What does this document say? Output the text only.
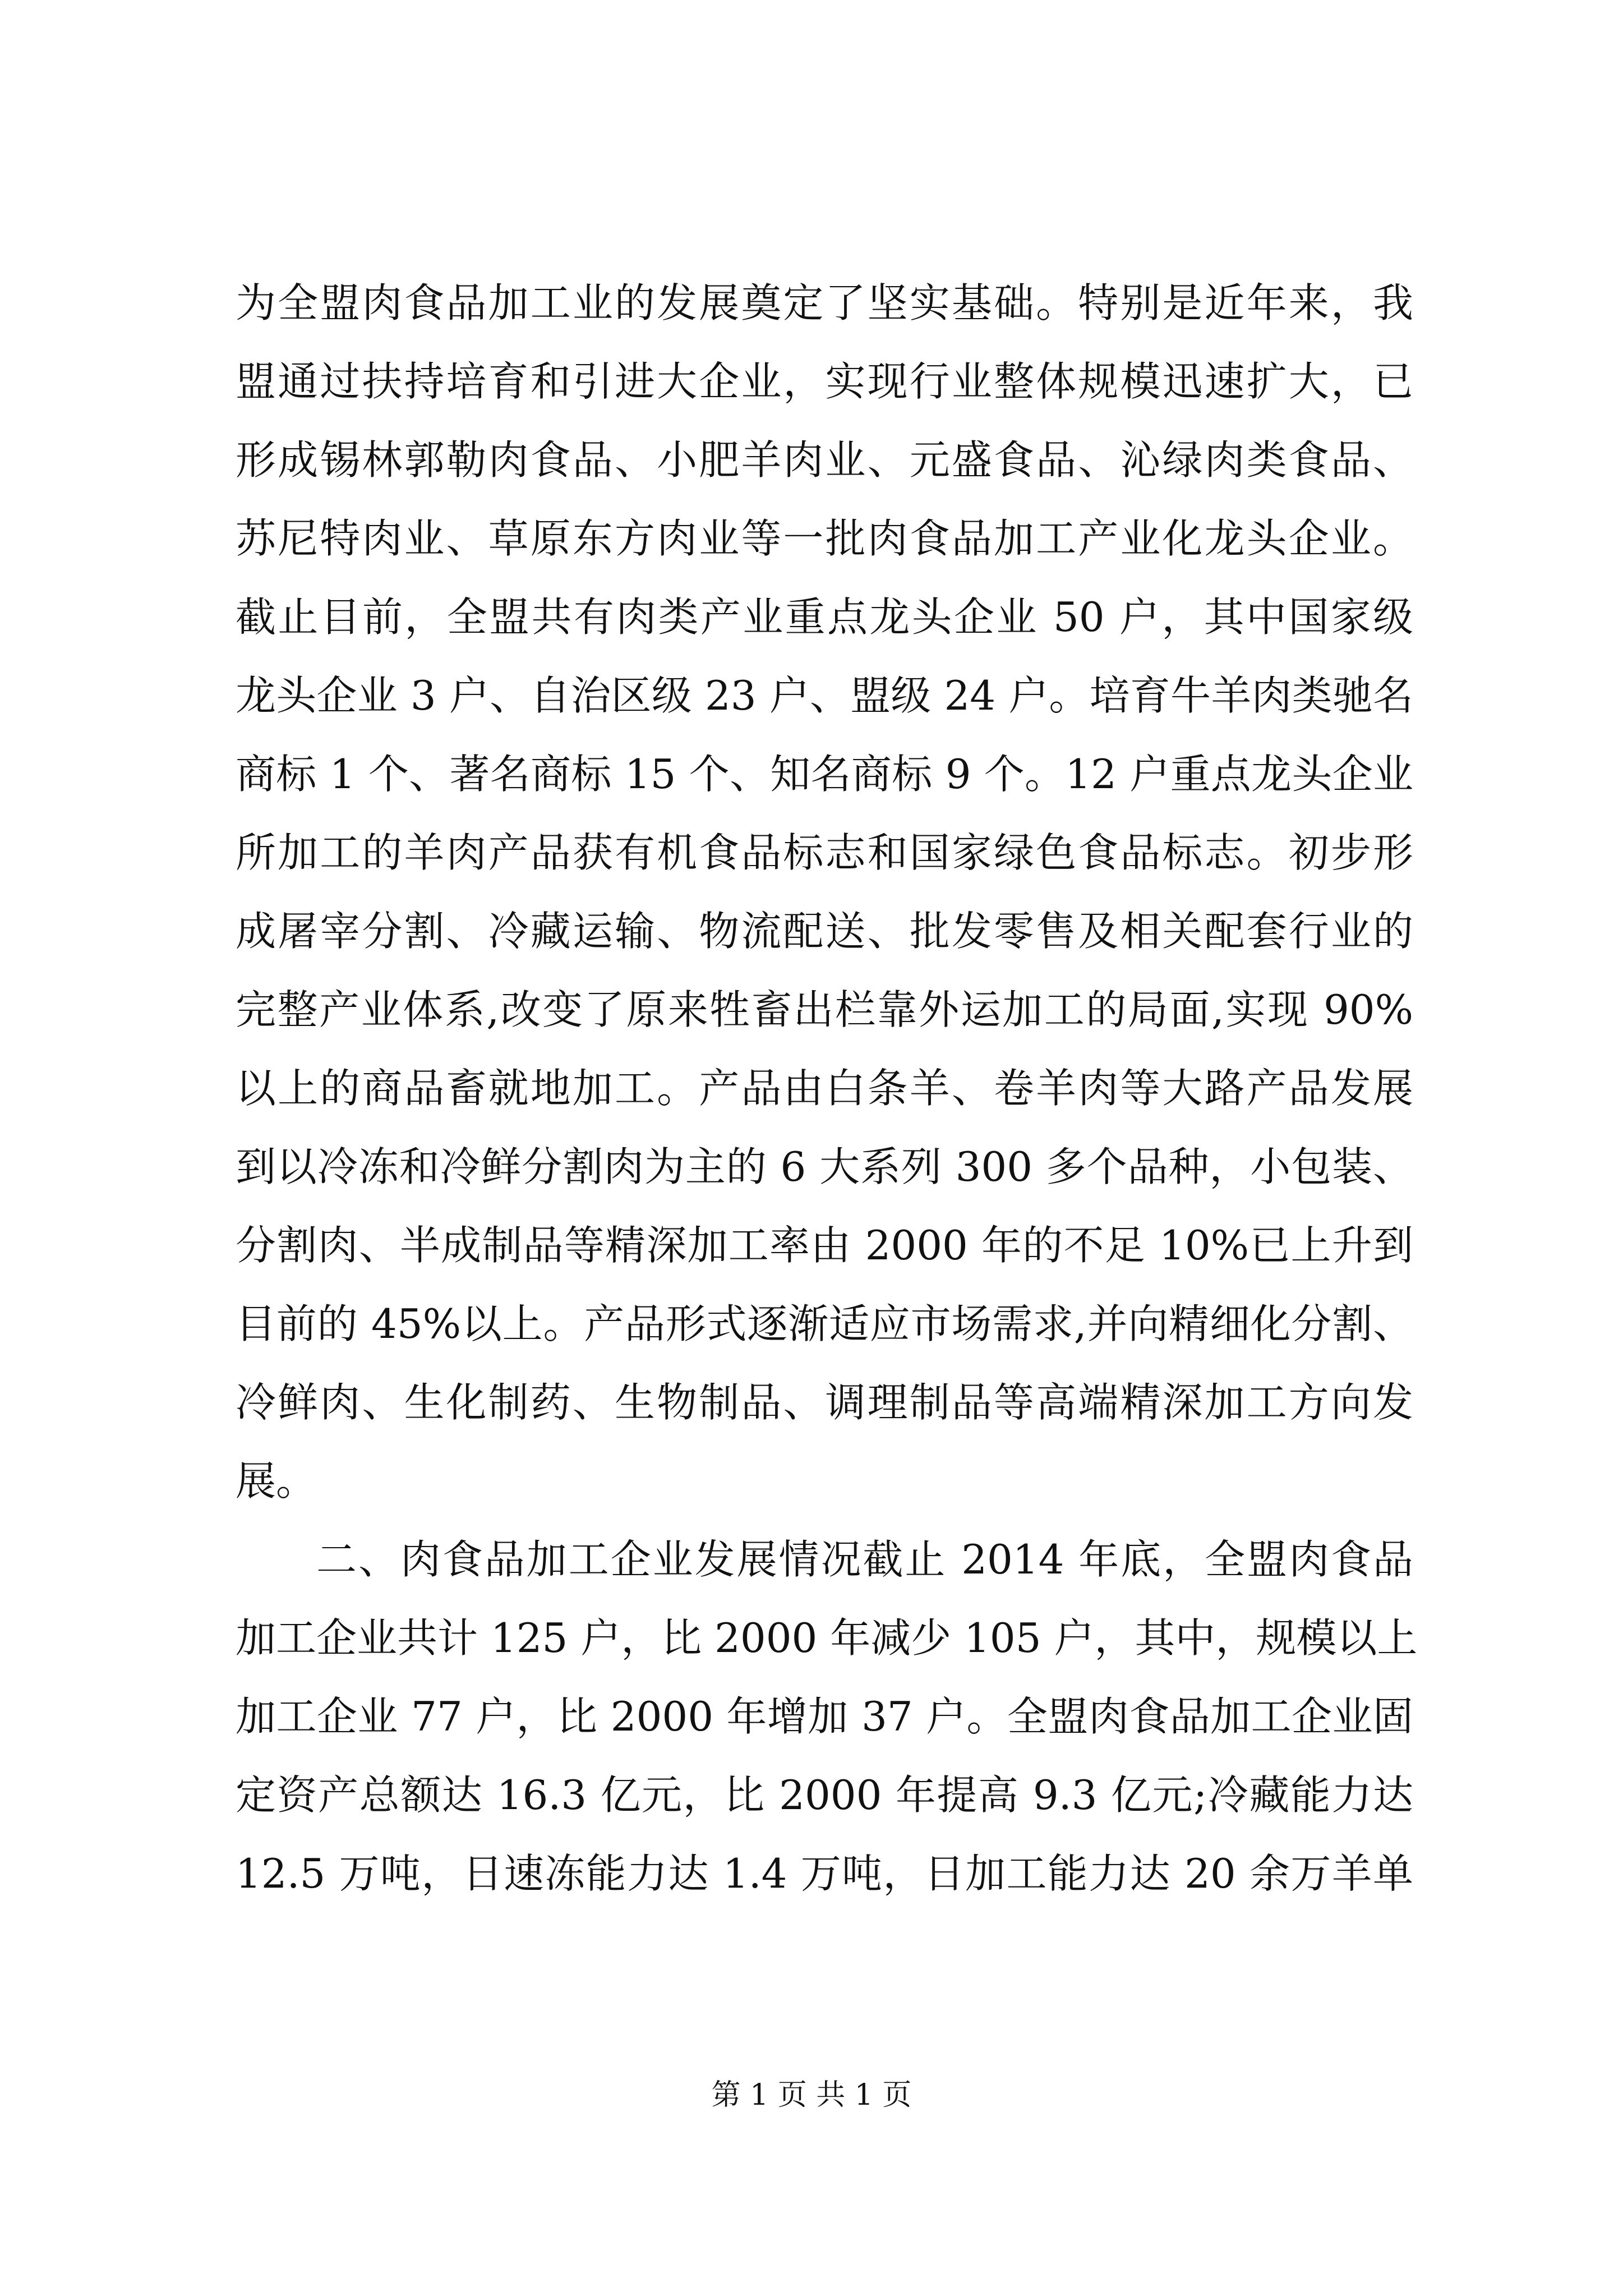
为全盟肉食品加工业的发展奠定了坚实基础。特别是近年来，我
盟通过扶持培育和引进大企业，实现行业整体规模迅速扩大，已
形成锡林郭勒肉食品、小肥羊肉业、元盛食品、沁绿肉类食品、
苏尼特肉业、草原东方肉业等一批肉食品加工产业化龙头企业。
截止目前，全盟共有肉类产业重点龙头企业 50 户，其中国家级
龙头企业 3 户、自治区级 23 户、盟级 24 户。培育牛羊肉类驰名
商标 1 个、著名商标 15 个、知名商标 9 个。12 户重点龙头企业
所加工的羊肉产品获有机食品标志和国家绿色食品标志。初步形
成屠宰分割、冷藏运输、物流配送、批发零售及相关配套行业的
完整产业体系,改变了原来牲畜出栏靠外运加工的局面,实现 90%
以上的商品畜就地加工。产品由白条羊、卷羊肉等大路产品发展
到以冷冻和冷鲜分割肉为主的 6 大系列 300 多个品种，小包装、
分割肉、半成制品等精深加工率由 2000 年的不足 10%已上升到
目前的 45%以上。产品形式逐渐适应市场需求,并向精细化分割、
冷鲜肉、生化制药、生物制品、调理制品等高端精深加工方向发
展。
二、肉食品加工企业发展情况截止 2014 年底，全盟肉食品
加工企业共计 125 户，比 2000 年减少 105 户，其中，规模以上
加工企业 77 户，比 2000 年增加 37 户。全盟肉食品加工企业固
定资产总额达 16.3 亿元，比 2000 年提高 9.3 亿元;冷藏能力达
12.5 万吨，日速冻能力达 1.4 万吨，日加工能力达 20 余万羊单
第 1 页 共 1 页
